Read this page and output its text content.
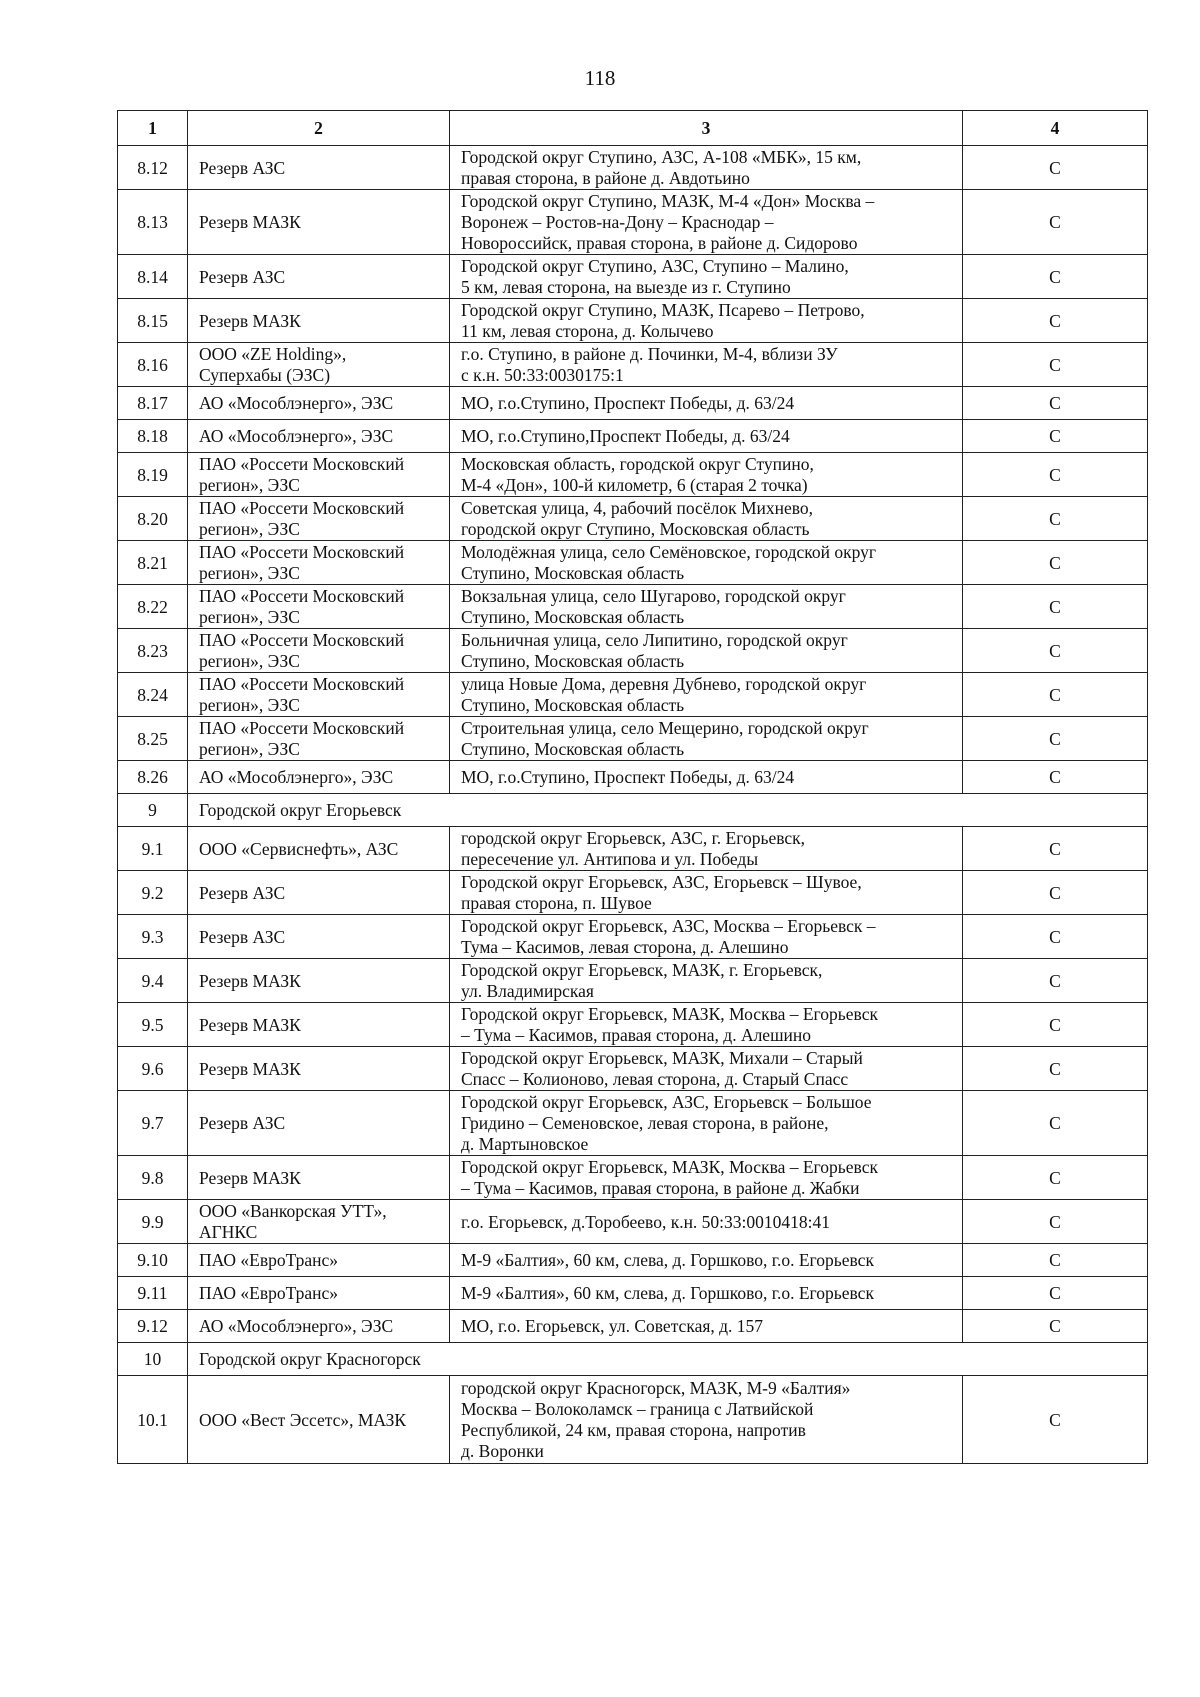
118
1	2	3	4

8.12	Резерв АЗС	Городской округ Ступино, АЗС, А-108 «МБК», 15 км,
правая сторона, в районе д. Авдотьино	С

8.13	Резерв МАЗК	Городской округ Ступино, МАЗК, М-4 «Дон» Москва –
Воронеж – Ростов-на-Дону – Краснодар –
Новороссийск, правая сторона, в районе д. Сидорово	С

8.14	Резерв АЗС	Городской округ Ступино, АЗС, Ступино – Малино,
5 км, левая сторона, на выезде из г. Ступино	С

8.15	Резерв МАЗК	Городской округ Ступино, МАЗК, Псарево – Петрово,
11 км, левая сторона, д. Колычево	С

8.16	ООО «ZE Holding»,
Суперхабы (ЭЗС)	г.о. Ступино, в районе д. Починки, М-4, вблизи ЗУ
с к.н. 50:33:0030175:1	С

8.17	АО «Мособлэнерго», ЭЗС	МО, г.о.Ступино, Проспект Победы, д. 63/24	С

8.18	АО «Мособлэнерго», ЭЗС	МО, г.о.Ступино,Проспект Победы, д. 63/24	С

8.19	ПАО «Россети Московский
регион», ЭЗС	Московская область, городской округ Ступино,
М-4 «Дон», 100-й километр, 6 (старая 2 точка)	С

8.20	ПАО «Россети Московский
регион», ЭЗС	Советская улица, 4, рабочий посёлок Михнево,
городской округ Ступино, Московская область	С

8.21	ПАО «Россети Московский
регион», ЭЗС	Молодёжная улица, село Семёновское, городской округ
Ступино, Московская область	С

8.22	ПАО «Россети Московский
регион», ЭЗС	Вокзальная улица, село Шугарово, городской округ
Ступино, Московская область	С

8.23	ПАО «Россети Московский
регион», ЭЗС	Больничная улица, село Липитино, городской округ
Ступино, Московская область	С

8.24	ПАО «Россети Московский
регион», ЭЗС	улица Новые Дома, деревня Дубнево, городской округ
Ступино, Московская область	С

8.25	ПАО «Россети Московский
регион», ЭЗС	Строительная улица, село Мещерино, городской округ
Ступино, Московская область	С

8.26	АО «Мособлэнерго», ЭЗС	МО, г.о.Ступино, Проспект Победы, д. 63/24	С

9	Городской округ Егорьевск		

9.1	ООО «Сервиснефть», АЗС	городской округ Егорьевск, АЗС, г. Егорьевск,
пересечение ул. Антипова и ул. Победы	С

9.2	Резерв АЗС	Городской округ Егорьевск, АЗС, Егорьевск – Шувое,
правая сторона, п. Шувое	С

9.3	Резерв АЗС	Городской округ Егорьевск, АЗС, Москва – Егорьевск –
Тума – Касимов, левая сторона, д. Алешино	С

9.4	Резерв МАЗК	Городской округ Егорьевск, МАЗК, г. Егорьевск,
ул. Владимирская	С

9.5	Резерв МАЗК	Городской округ Егорьевск, МАЗК, Москва – Егорьевск
– Тума – Касимов, правая сторона, д. Алешино	С

9.6	Резерв МАЗК	Городской округ Егорьевск, МАЗК, Михали – Старый
Спасс – Колионово, левая сторона, д. Старый Спасс	С

9.7	Резерв АЗС	Городской округ Егорьевск, АЗС, Егорьевск – Большое
Гридино – Семеновское, левая сторона, в районе,
д. Мартыновское	С

9.8	Резерв МАЗК	Городской округ Егорьевск, МАЗК, Москва – Егорьевск
– Тума – Касимов, правая сторона, в районе д. Жабки	С

9.9	ООО «Ванкорская УТТ»,
АГНКС	г.о. Егорьевск, д.Торобеево, к.н. 50:33:0010418:41	С

9.10	ПАО «ЕвроТранс»	М-9 «Балтия», 60 км, слева, д. Горшково, г.о. Егорьевск	С

9.11	ПАО «ЕвроТранс»	М-9 «Балтия», 60 км, слева, д. Горшково, г.о. Егорьевск	С

9.12	АО «Мособлэнерго», ЭЗС	МО, г.о. Егорьевск, ул. Советская, д. 157	С

10	Городской округ Красногорск		

10.1	ООО «Вест Эссетс», МАЗК	городской округ Красногорск, МАЗК, М-9 «Балтия»
Москва – Волоколамск – граница с Латвийской
Республикой, 24 км, правая сторона, напротив
д. Воронки	С
